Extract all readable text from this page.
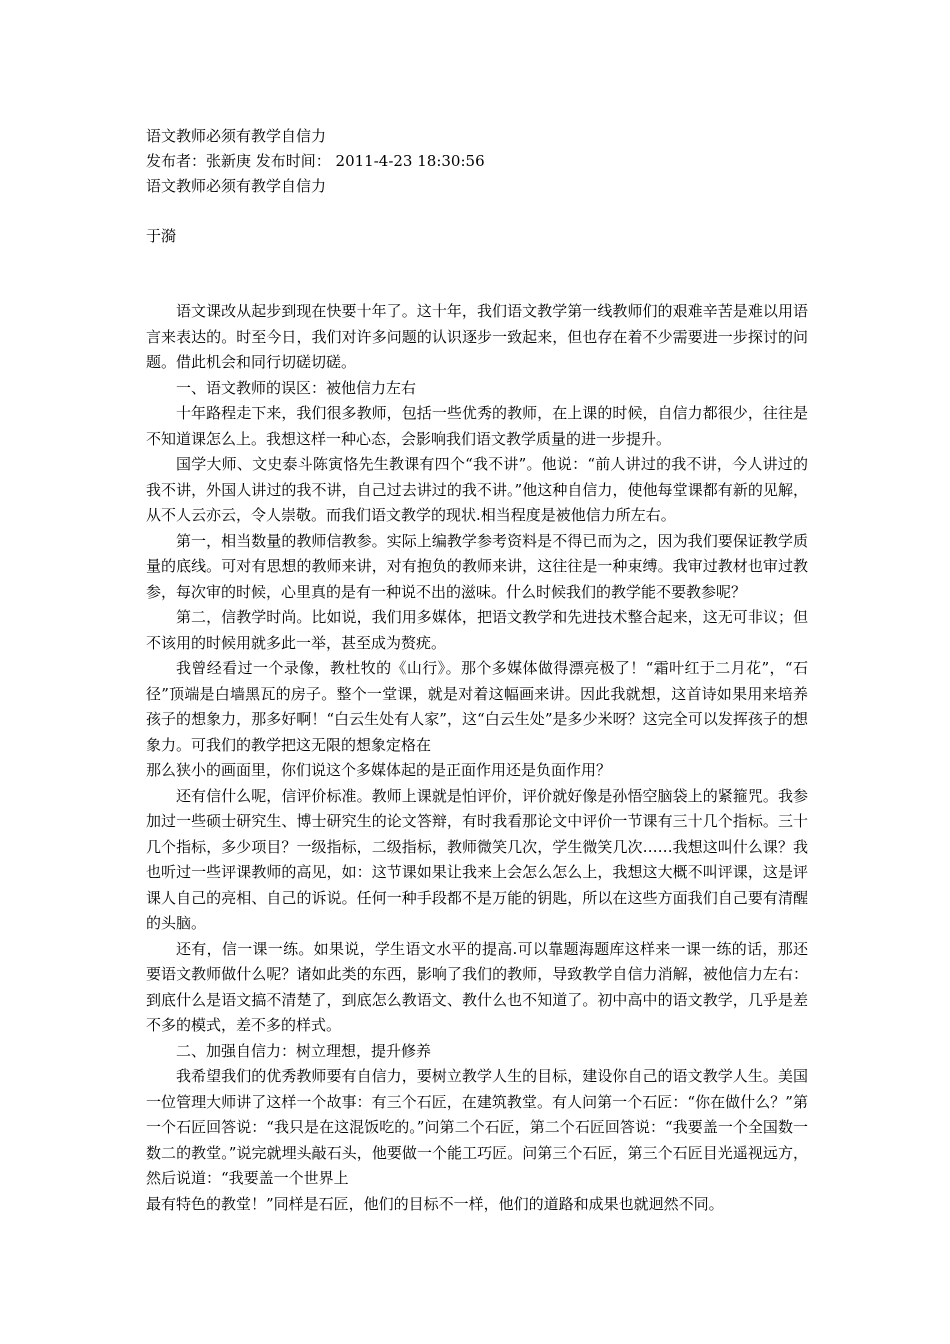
语文教师必须有教学自信力
发布者：张新庚 发布时间： 2011-4-23 18:30:56
语文教师必须有教学自信力
于漪

语文课改从起步到现在快要十年了。这十年，我们语文教学第一线教师们的艰难辛苦是难以用语言来表达的。时至今日，我们对许多问题的认识逐步一致起来，但也存在着不少需要进一步探讨的问题。借此机会和同行切磋切磋。

一、语文教师的误区：被他信力左右

十年路程走下来，我们很多教师，包括一些优秀的教师，在上课的时候，自信力都很少，往往是不知道课怎么上。我想这样一种心态，会影响我们语文教学质量的进一步提升。

国学大师、文史泰斗陈寅恪先生教课有四个“我不讲”。他说：“前人讲过的我不讲，今人讲过的我不讲，外国人讲过的我不讲，自己过去讲过的我不讲。”他这种自信力，使他每堂课都有新的见解，从不人云亦云，令人崇敬。而我们语文教学的现状.相当程度是被他信力所左右。

第一，相当数量的教师信教参。实际上编教学参考资料是不得已而为之，因为我们要保证教学质量的底线。可对有思想的教师来讲，对有抱负的教师来讲，这往往是一种束缚。我审过教材也审过教参，每次审的时候，心里真的是有一种说不出的滋味。什么时候我们的教学能不要教参呢？

第二，信教学时尚。比如说，我们用多媒体，把语文教学和先进技术整合起来，这无可非议；但不该用的时候用就多此一举，甚至成为赘疣。

我曾经看过一个录像，教杜牧的《山行》。那个多媒体做得漂亮极了！“霜叶红于二月花”，“石径”顶端是白墙黑瓦的房子。整个一堂课，就是对着这幅画来讲。因此我就想，这首诗如果用来培养孩子的想象力，那多好啊！“白云生处有人家”，这“白云生处”是多少米呀？这完全可以发挥孩子的想象力。可我们的教学把这无限的想象定格在

那么狭小的画面里，你们说这个多媒体起的是正面作用还是负面作用？

还有信什么呢，信评价标准。教师上课就是怕评价，评价就好像是孙悟空脑袋上的紧箍咒。我参加过一些硕士研究生、博士研究生的论文答辩，有时我看那论文中评价一节课有三十几个指标。三十几个指标，多少项目？一级指标，二级指标，教师微笑几次，学生微笑几次……我想这叫什么课？我也听过一些评课教师的高见，如：这节课如果让我来上会怎么怎么上，我想这大概不叫评课，这是评课人自己的亮相、自己的诉说。任何一种手段都不是万能的钥匙，所以在这些方面我们自己要有清醒的头脑。

还有，信一课一练。如果说，学生语文水平的提高.可以靠题海题库这样来一课一练的话，那还要语文教师做什么呢？诸如此类的东西，影响了我们的教师，导致教学自信力消解，被他信力左右：到底什么是语文搞不清楚了，到底怎么教语文、教什么也不知道了。初中高中的语文教学，几乎是差不多的模式，差不多的样式。

二、加强自信力：树立理想，提升修养

我希望我们的优秀教师要有自信力，要树立教学人生的目标，建设你自己的语文教学人生。美国一位管理大师讲了这样一个故事：有三个石匠，在建筑教堂。有人问第一个石匠：“你在做什么？”第一个石匠回答说：“我只是在这混饭吃的。”问第二个石匠，第二个石匠回答说：“我要盖一个全国数一数二的教堂。”说完就埋头敲石头，他要做一个能工巧匠。问第三个石匠，第三个石匠目光遥视远方，然后说道：“我要盖一个世界上

最有特色的教堂！”同样是石匠，他们的目标不一样，他们的道路和成果也就迥然不同。
